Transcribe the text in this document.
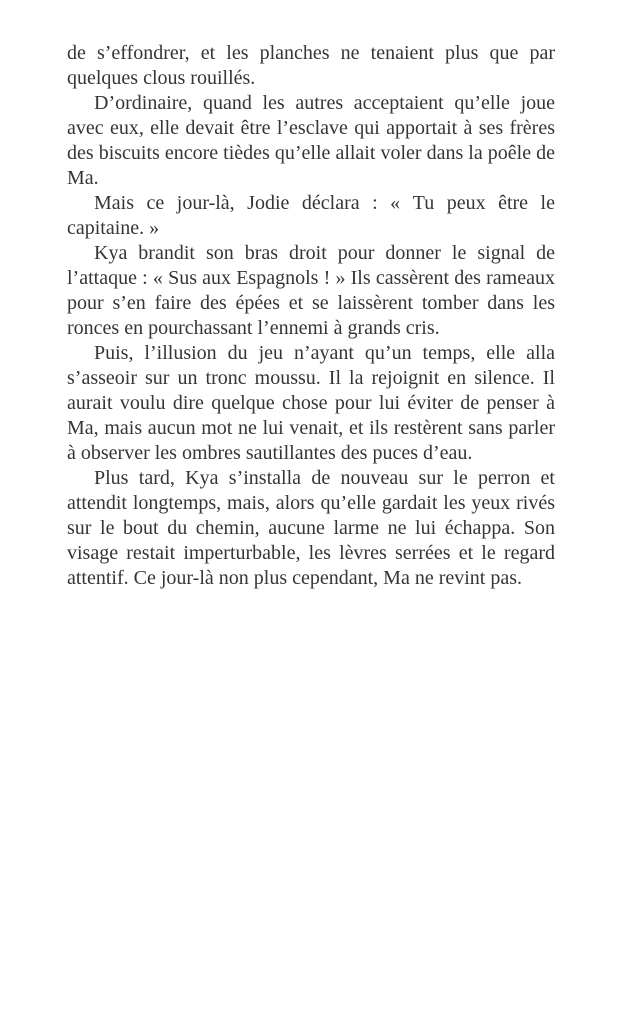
de s’effondrer, et les planches ne tenaient plus que par quelques clous rouillés.

D’ordinaire, quand les autres acceptaient qu’elle joue avec eux, elle devait être l’esclave qui apportait à ses frères des biscuits encore tièdes qu’elle allait voler dans la poêle de Ma.

Mais ce jour-là, Jodie déclara : « Tu peux être le capitaine. »

Kya brandit son bras droit pour donner le signal de l’attaque : « Sus aux Espagnols ! » Ils cassèrent des rameaux pour s’en faire des épées et se laissèrent tomber dans les ronces en pourchassant l’ennemi à grands cris.

Puis, l’illusion du jeu n’ayant qu’un temps, elle alla s’asseoir sur un tronc moussu. Il la rejoignit en silence. Il aurait voulu dire quelque chose pour lui éviter de penser à Ma, mais aucun mot ne lui venait, et ils restèrent sans parler à observer les ombres sautillantes des puces d’eau.

Plus tard, Kya s’installa de nouveau sur le perron et attendit longtemps, mais, alors qu’elle gardait les yeux rivés sur le bout du chemin, aucune larme ne lui échappa. Son visage restait imperturbable, les lèvres serrées et le regard attentif. Ce jour-là non plus cependant, Ma ne revint pas.
